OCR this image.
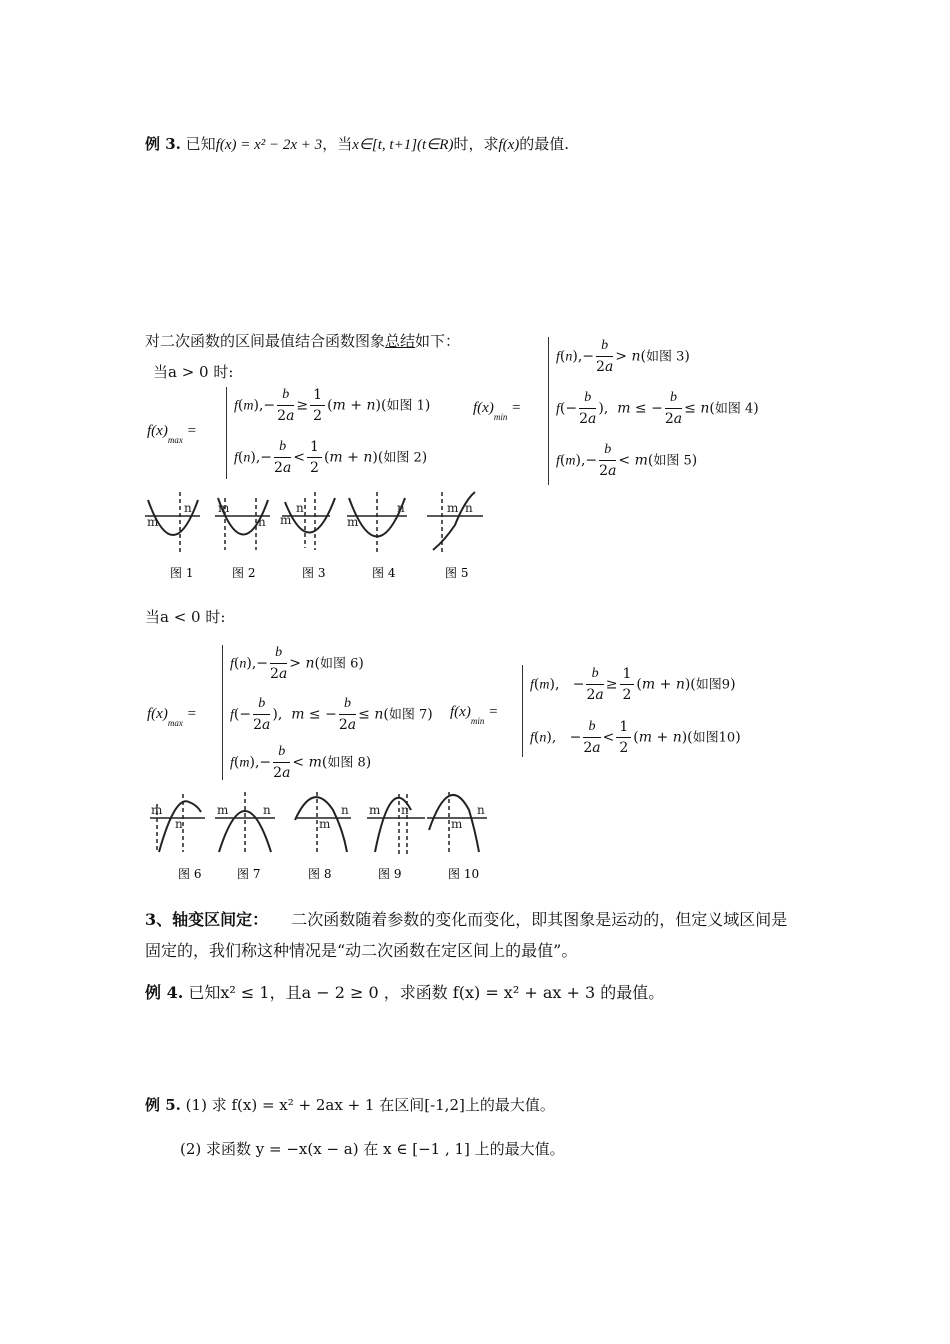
例 3. 已知f(x) = x² − 2x + 3，当x∈[t, t+1](t∈R)时，求f(x)的最值.
对二次函数的区间最值结合函数图象总结如下：
当a > 0 时:
$f(x)_{max}$ =
$f(m),- \frac{b}{2a} \ge \frac{1}{2} (m + n)$(如图 1)
$f(n),- \frac{b}{2a} < \frac{1}{2} (m + n)$(如图 2)
$f(x)_{min}$ =
$f(n),- \frac{b}{2a} > n$(如图 3)
$f(- \frac{b}{2a}$ ),  m ≤ − $\frac{b}{2a} \le n$(如图 4)
$f(m),- \frac{b}{2a} < m$(如图 5)
m
n m
n m
n
m
n	m n
图 1	图 2	图 3	图 4	图 5
当a < 0 时:
$f(x)_{max}$ =
$f(n),- \frac{b}{2a} > n$(如图 6)
$f(- \frac{b}{2a}$ ),  m ≤ − $\frac{b}{2a} \le n$(如图 7)
$f(m),- \frac{b}{2a} < m$(如图 8)
$f(x)_{min}$ =
f(m),   − $\frac{b}{2a} \ge \frac{1}{2} (m + n)$(如图9)
f(n),   − $\frac{b}{2a} < \frac{1}{2} (m + n)$(如图10)
m
n
m	n
m
n m n
m
n
图 6	图 7	图 8	图 9	图 10
3、轴变区间定： 二次函数随着参数的变化而变化，即其图象是运动的，但定义域区间是
固定的，我们称这种情况是“动二次函数在定区间上的最值”。
例 4. 已知x² ≤ 1，且a − 2 ≥ 0 ，求函数 f(x) = x² + ax + 3 的最值。
例 5. (1) 求 f(x) = x² + 2ax + 1 在区间[-1,2]上的最大值。
(2) 求函数 y = −x(x − a) 在 x ∈ [−1 , 1] 上的最大值。
